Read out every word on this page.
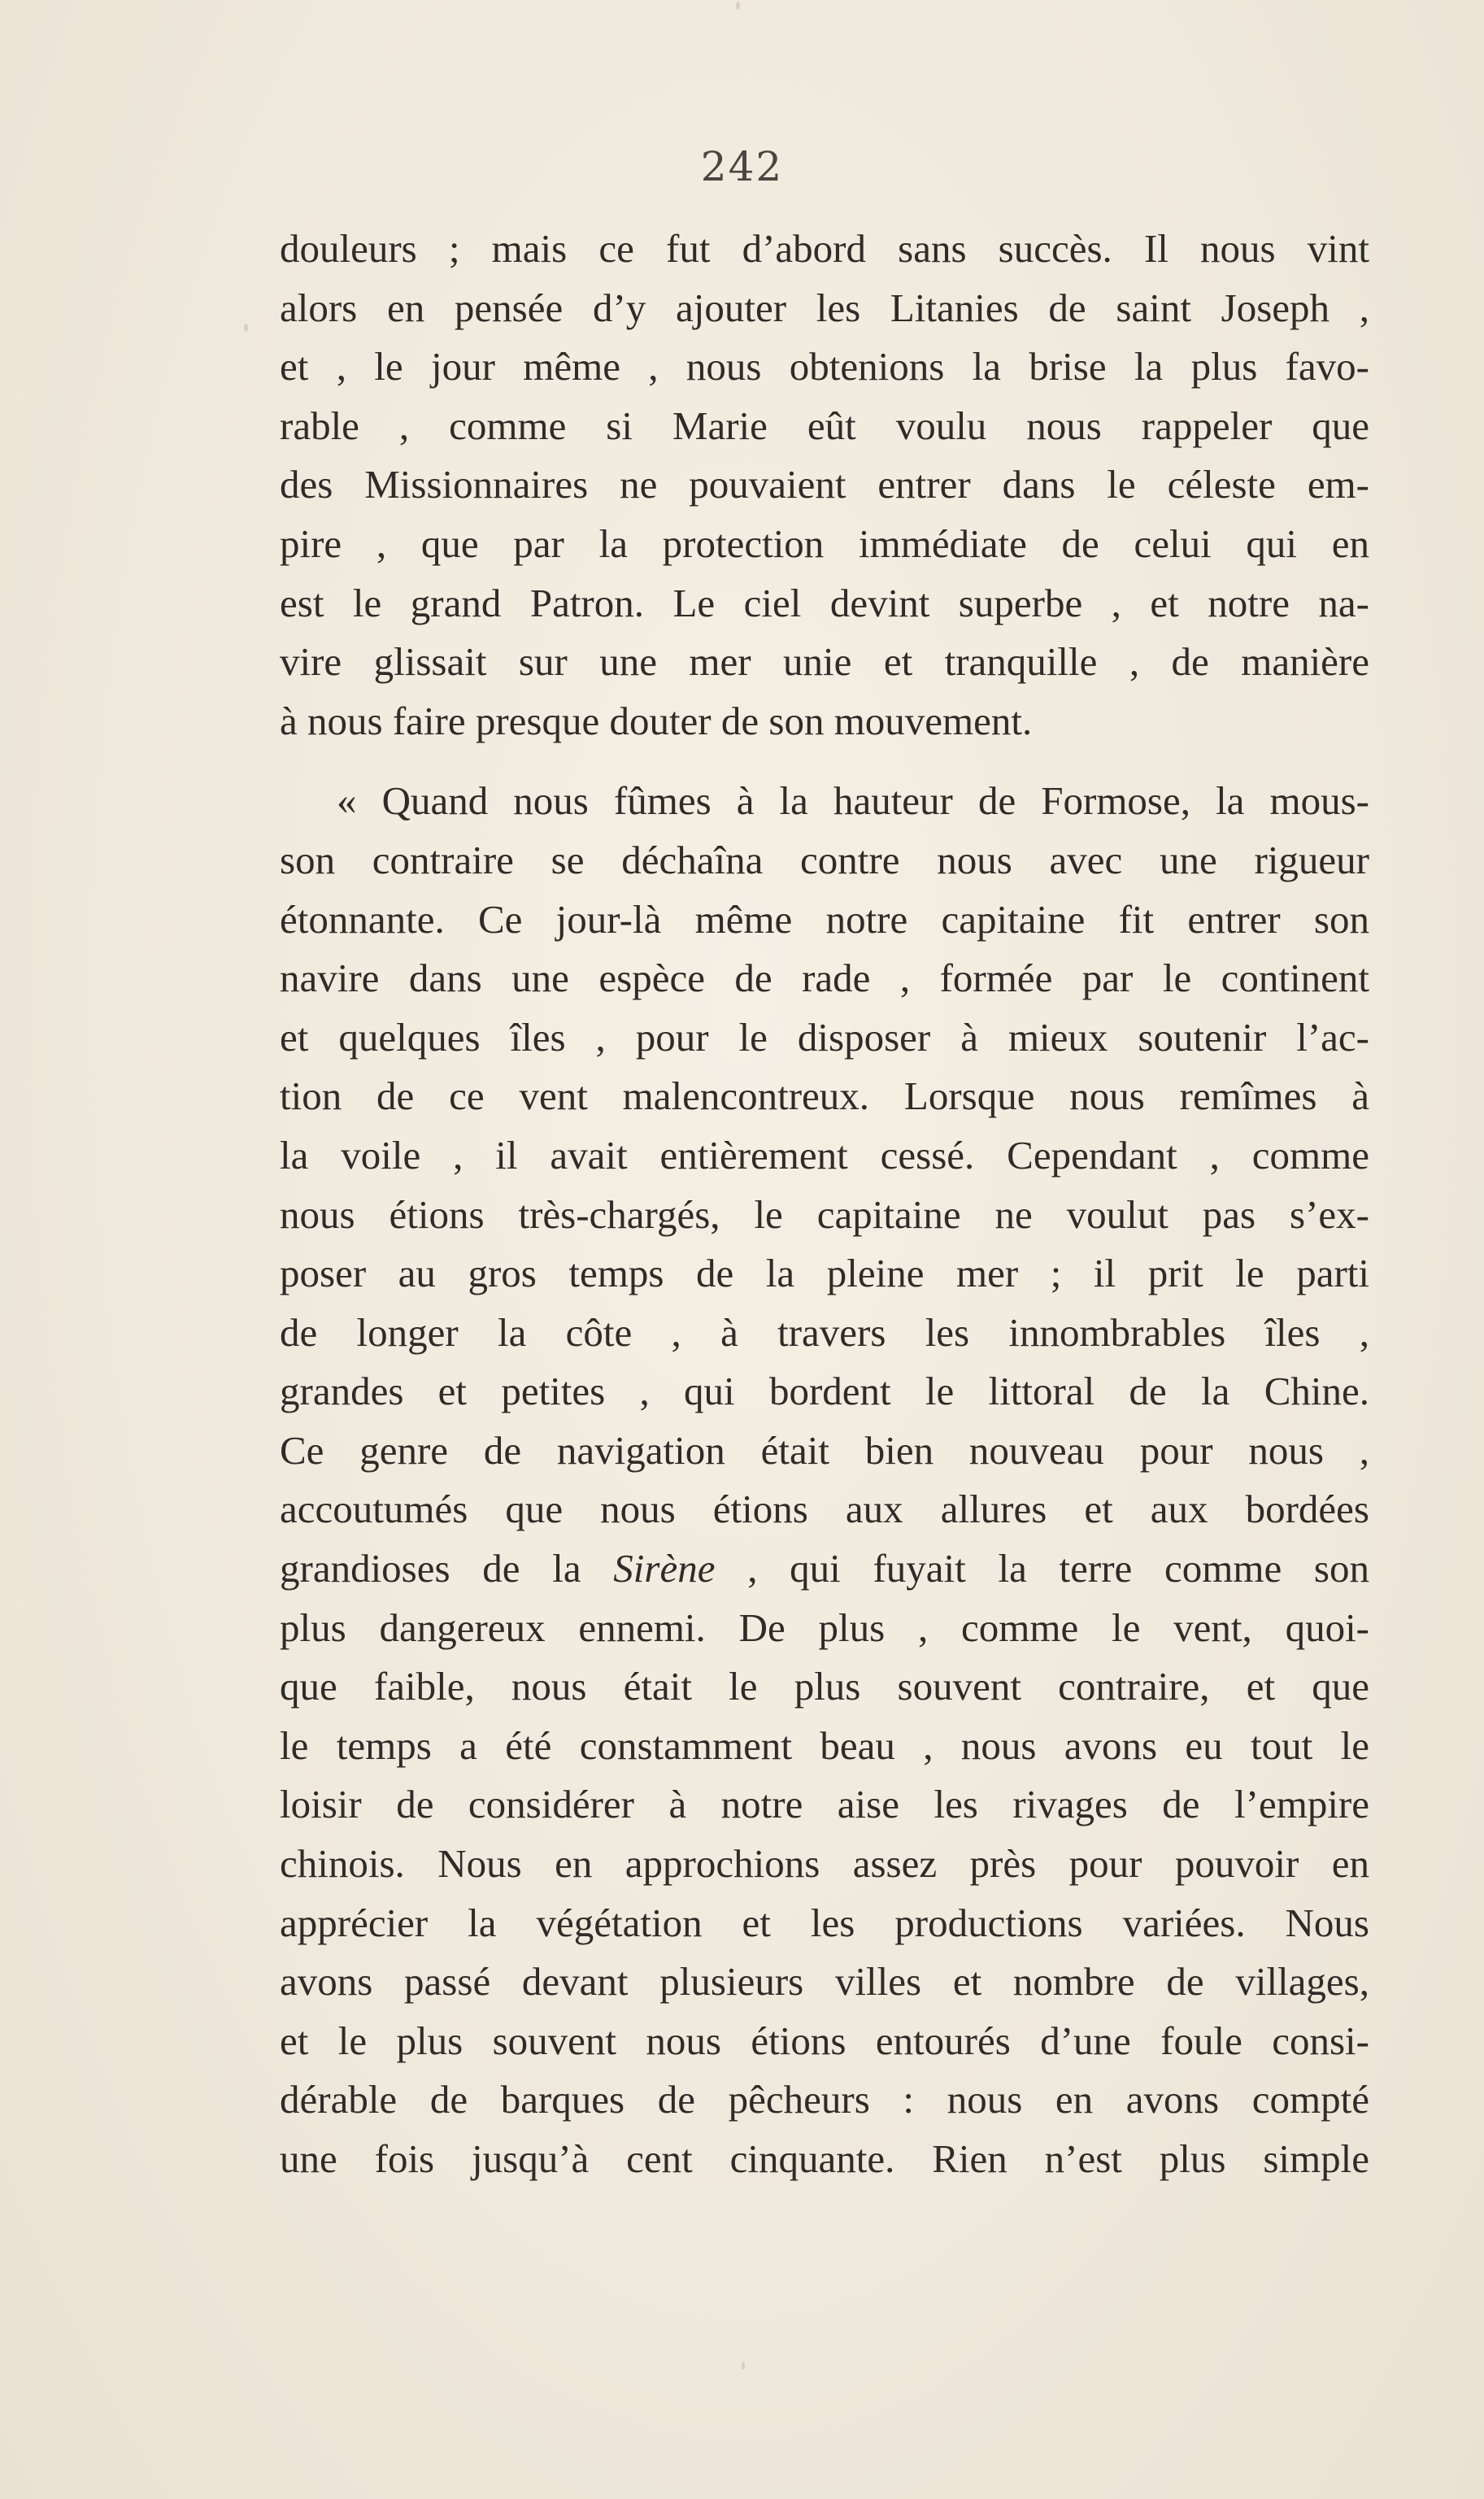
242
douleurs ; mais ce fut d’abord sans succès. Il nous vint
alors en pensée d’y ajouter les Litanies de saint Joseph ,
et , le jour même , nous obtenions la brise la plus favo-
rable , comme si Marie eût voulu nous rappeler que
des Missionnaires ne pouvaient entrer dans le céleste em-
pire , que par la protection immédiate de celui qui en
est le grand Patron. Le ciel devint superbe , et notre na-
vire glissait sur une mer unie et tranquille , de manière
à nous faire presque douter de son mouvement.
« Quand nous fûmes à la hauteur de Formose, la mous-
son contraire se déchaîna contre nous avec une rigueur
étonnante. Ce jour-là même notre capitaine fit entrer son
navire dans une espèce de rade , formée par le continent
et quelques îles , pour le disposer à mieux soutenir l’ac-
tion de ce vent malencontreux. Lorsque nous remîmes à
la voile , il avait entièrement cessé. Cependant , comme
nous étions très-chargés, le capitaine ne voulut pas s’ex-
poser au gros temps de la pleine mer ; il prit le parti
de longer la côte , à travers les innombrables îles ,
grandes et petites , qui bordent le littoral de la Chine.
Ce genre de navigation était bien nouveau pour nous ,
accoutumés que nous étions aux allures et aux bordées
grandioses de la Sirène , qui fuyait la terre comme son
plus dangereux ennemi. De plus , comme le vent, quoi-
que faible, nous était le plus souvent contraire, et que
le temps a été constamment beau , nous avons eu tout le
loisir de considérer à notre aise les rivages de l’empire
chinois. Nous en approchions assez près pour pouvoir en
apprécier la végétation et les productions variées. Nous
avons passé devant plusieurs villes et nombre de villages,
et le plus souvent nous étions entourés d’une foule consi-
dérable de barques de pêcheurs : nous en avons compté
une fois jusqu’à cent cinquante. Rien n’est plus simple
